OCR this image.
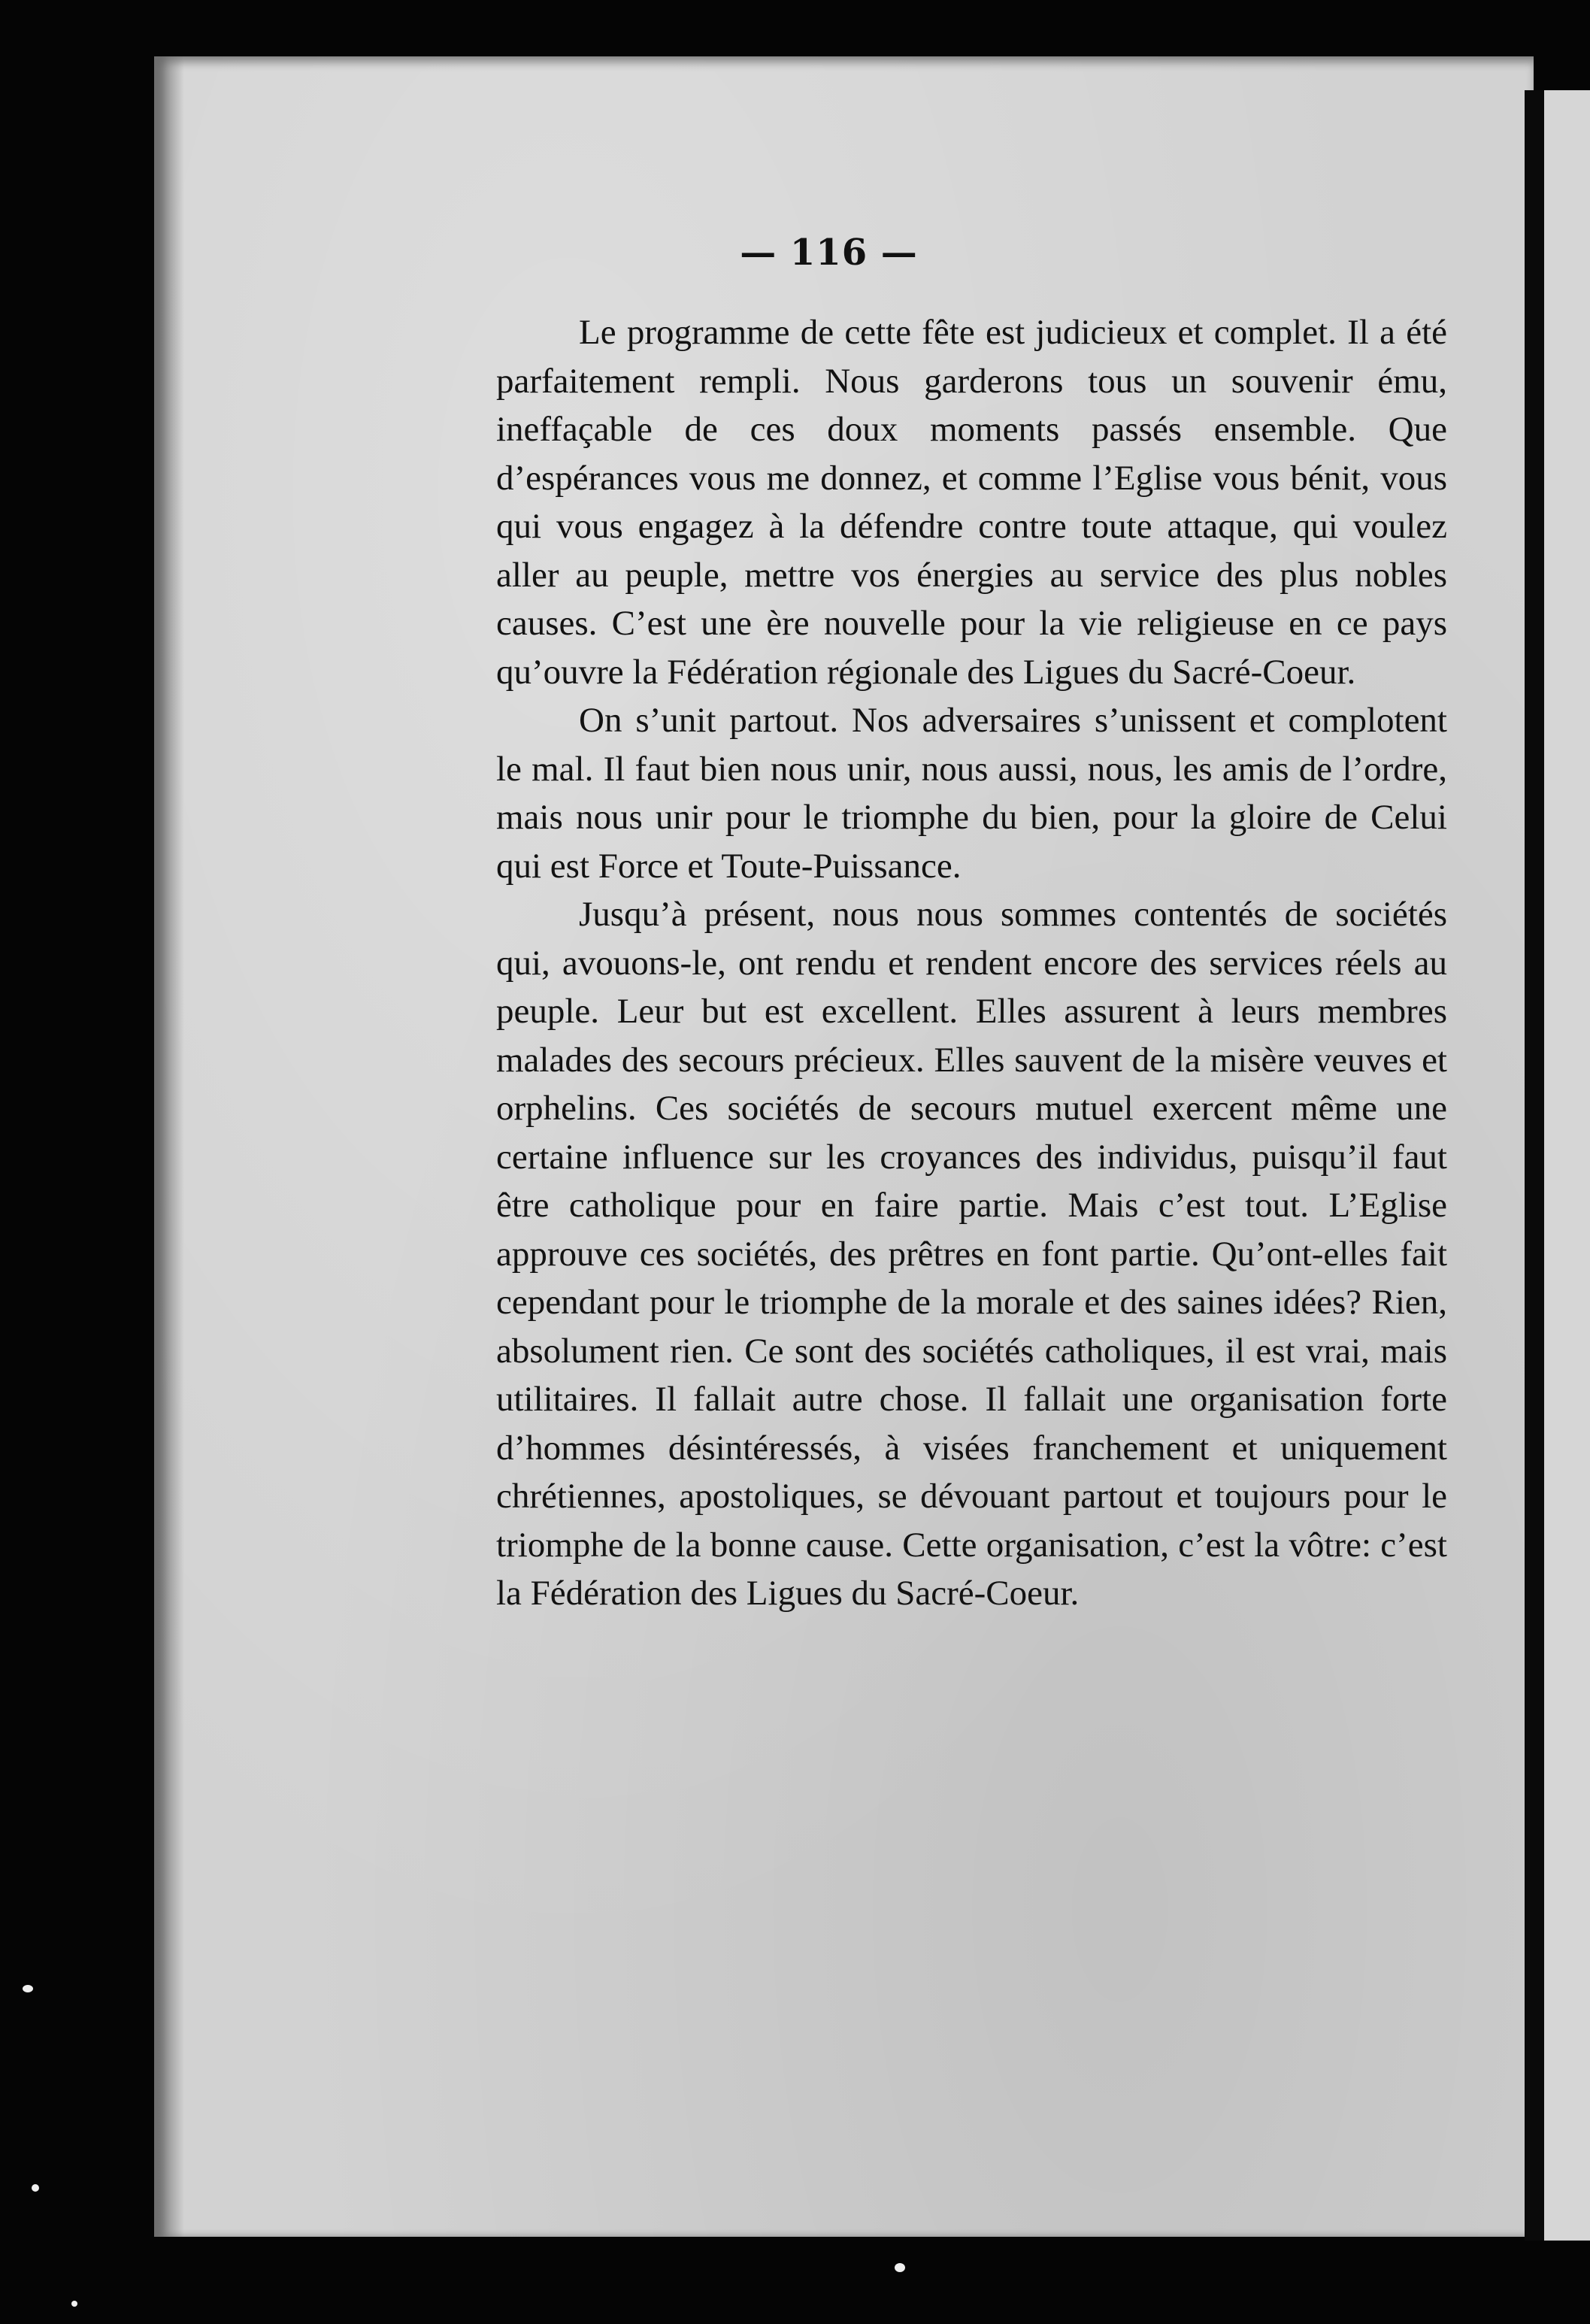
— 116 —

Le programme de cette fête est judicieux et complet. Il a été parfaitement rempli. Nous garderons tous un souvenir ému, ineffaçable de ces doux moments passés ensemble. Que d’espérances vous me donnez, et comme l’Eglise vous bénit, vous qui vous engagez à la défendre contre toute attaque, qui voulez aller au peuple, mettre vos énergies au service des plus nobles causes. C’est une ère nouvelle pour la vie religieuse en ce pays qu’ouvre la Fédération régionale des Ligues du Sacré-Coeur.

On s’unit partout. Nos adversaires s’unissent et complotent le mal. Il faut bien nous unir, nous aussi, nous, les amis de l’ordre, mais nous unir pour le triomphe du bien, pour la gloire de Celui qui est Force et Toute-Puissance.

Jusqu’à présent, nous nous sommes contentés de sociétés qui, avouons-le, ont rendu et rendent encore des services réels au peuple. Leur but est excellent. Elles assurent à leurs membres malades des secours précieux. Elles sauvent de la misère veuves et orphelins. Ces sociétés de secours mutuel exercent même une certaine influence sur les croyances des individus, puisqu’il faut être catholique pour en faire partie. Mais c’est tout. L’Eglise approuve ces sociétés, des prêtres en font partie. Qu’ont-elles fait cependant pour le triomphe de la morale et des saines idées? Rien, absolument rien. Ce sont des sociétés catholiques, il est vrai, mais utilitaires. Il fallait autre chose. Il fallait une organisation forte d’hommes désintéressés, à visées franchement et uniquement chrétiennes, apostoliques, se dévouant partout et toujours pour le triomphe de la bonne cause. Cette organisation, c’est la vôtre: c’est la Fédération des Ligues du Sacré-Coeur.
